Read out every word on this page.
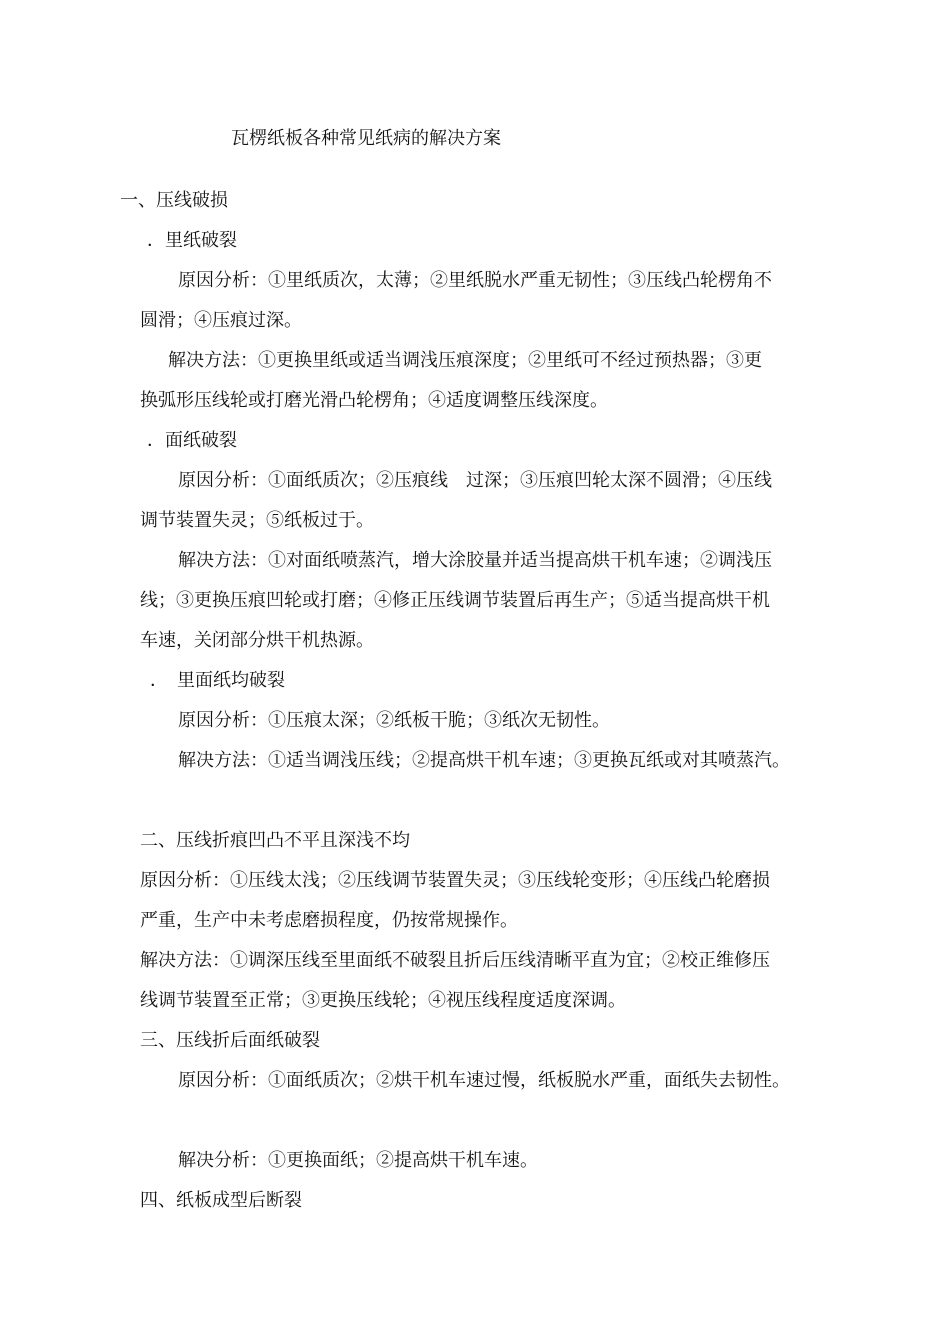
瓦楞纸板各种常见纸病的解决方案

一、压线破损

．里纸破裂

原因分析：①里纸质次，太薄；②里纸脱水严重无韧性；③压线凸轮楞角不

圆滑；④压痕过深。

解决方法：①更换里纸或适当调浅压痕深度；②里纸可不经过预热器；③更

换弧形压线轮或打磨光滑凸轮楞角；④适度调整压线深度。

．面纸破裂

原因分析：①面纸质次；②压痕线　过深；③压痕凹轮太深不圆滑；④压线

调节装置失灵；⑤纸板过于。

解决方法：①对面纸喷蒸汽，增大涂胶量并适当提高烘干机车速；②调浅压

线；③更换压痕凹轮或打磨；④修正压线调节装置后再生产；⑤适当提高烘干机

车速，关闭部分烘干机热源。

．　里面纸均破裂

原因分析：①压痕太深；②纸板干脆；③纸次无韧性。

解决方法：①适当调浅压线；②提高烘干机车速；③更换瓦纸或对其喷蒸汽。

二、压线折痕凹凸不平且深浅不均

原因分析：①压线太浅；②压线调节装置失灵；③压线轮变形；④压线凸轮磨损

严重，生产中未考虑磨损程度，仍按常规操作。

解决方法：①调深压线至里面纸不破裂且折后压线清晰平直为宜；②校正维修压

线调节装置至正常；③更换压线轮；④视压线程度适度深调。

三、压线折后面纸破裂

原因分析：①面纸质次；②烘干机车速过慢，纸板脱水严重，面纸失去韧性。

解决分析：①更换面纸；②提高烘干机车速。

四、纸板成型后断裂
